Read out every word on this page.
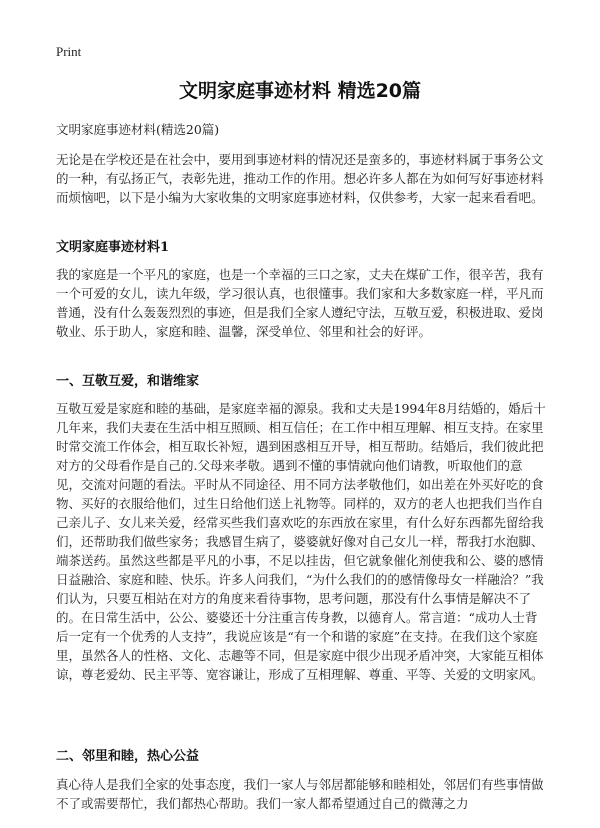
Print
文明家庭事迹材料 精选20篇
文明家庭事迹材料(精选20篇)

无论是在学校还是在社会中，要用到事迹材料的情况还是蛮多的，事迹材料属于事务公文的一种，有弘扬正气，表彰先进，推动工作的作用。想必许多人都在为如何写好事迹材料而烦恼吧，以下是小编为大家收集的文明家庭事迹材料，仅供参考，大家一起来看看吧。

文明家庭事迹材料1

我的家庭是一个平凡的家庭，也是一个幸福的三口之家，丈夫在煤矿工作，很辛苦，我有一个可爱的女儿，读九年级，学习很认真，也很懂事。我们家和大多数家庭一样，平凡而普通，没有什么轰轰烈烈的事迹，但是我们全家人遵纪守法，互敬互爱，积极进取、爱岗敬业、乐于助人，家庭和睦、温馨，深受单位、邻里和社会的好评。

一、互敬互爱，和谐维家

互敬互爱是家庭和睦的基础，是家庭幸福的源泉。我和丈夫是1994年8月结婚的，婚后十几年来，我们夫妻在生活中相互照顾、相互信任；在工作中相互理解、相互支持。在家里时常交流工作体会，相互取长补短，遇到困惑相互开导，相互帮助。结婚后，我们彼此把对方的父母看作是自己的.父母来孝敬。遇到不懂的事情就向他们请教，听取他们的意见，交流对问题的看法。平时从不同途径、用不同方法孝敬他们，如出差在外买好吃的食物、买好的衣服给他们，过生日给他们送上礼物等。同样的，双方的老人也把我们当作自己亲儿子、女儿来关爱，经常买些我们喜欢吃的东西放在家里，有什么好东西都先留给我们，还帮助我们做些家务；我感冒生病了，婆婆就好像对自己女儿一样，帮我打水泡脚、端茶送药。虽然这些都是平凡的小事，不足以挂齿，但它就象催化剂使我和公、婆的感情日益融洽、家庭和睦、快乐。许多人问我们，“为什么我们的的感情像母女一样融洽？”我们认为，只要互相站在对方的角度来看待事物，思考问题，那没有什么事情是解决不了的。在日常生活中，公公、婆婆还十分注重言传身教，以德育人。常言道：“成功人士背后一定有一个优秀的人支持”，我说应该是“有一个和谐的家庭”在支持。在我们这个家庭里，虽然各人的性格、文化、志趣等不同，但是家庭中很少出现矛盾冲突，大家能互相体谅，尊老爱幼、民主平等、宽容谦让，形成了互相理解、尊重、平等、关爱的文明家风。

二、邻里和睦，热心公益

真心待人是我们全家的处事态度，我们一家人与邻居都能够和睦相处，邻居们有些事情做不了或需要帮忙，我们都热心帮助。我们一家人都希望通过自己的微薄之力
